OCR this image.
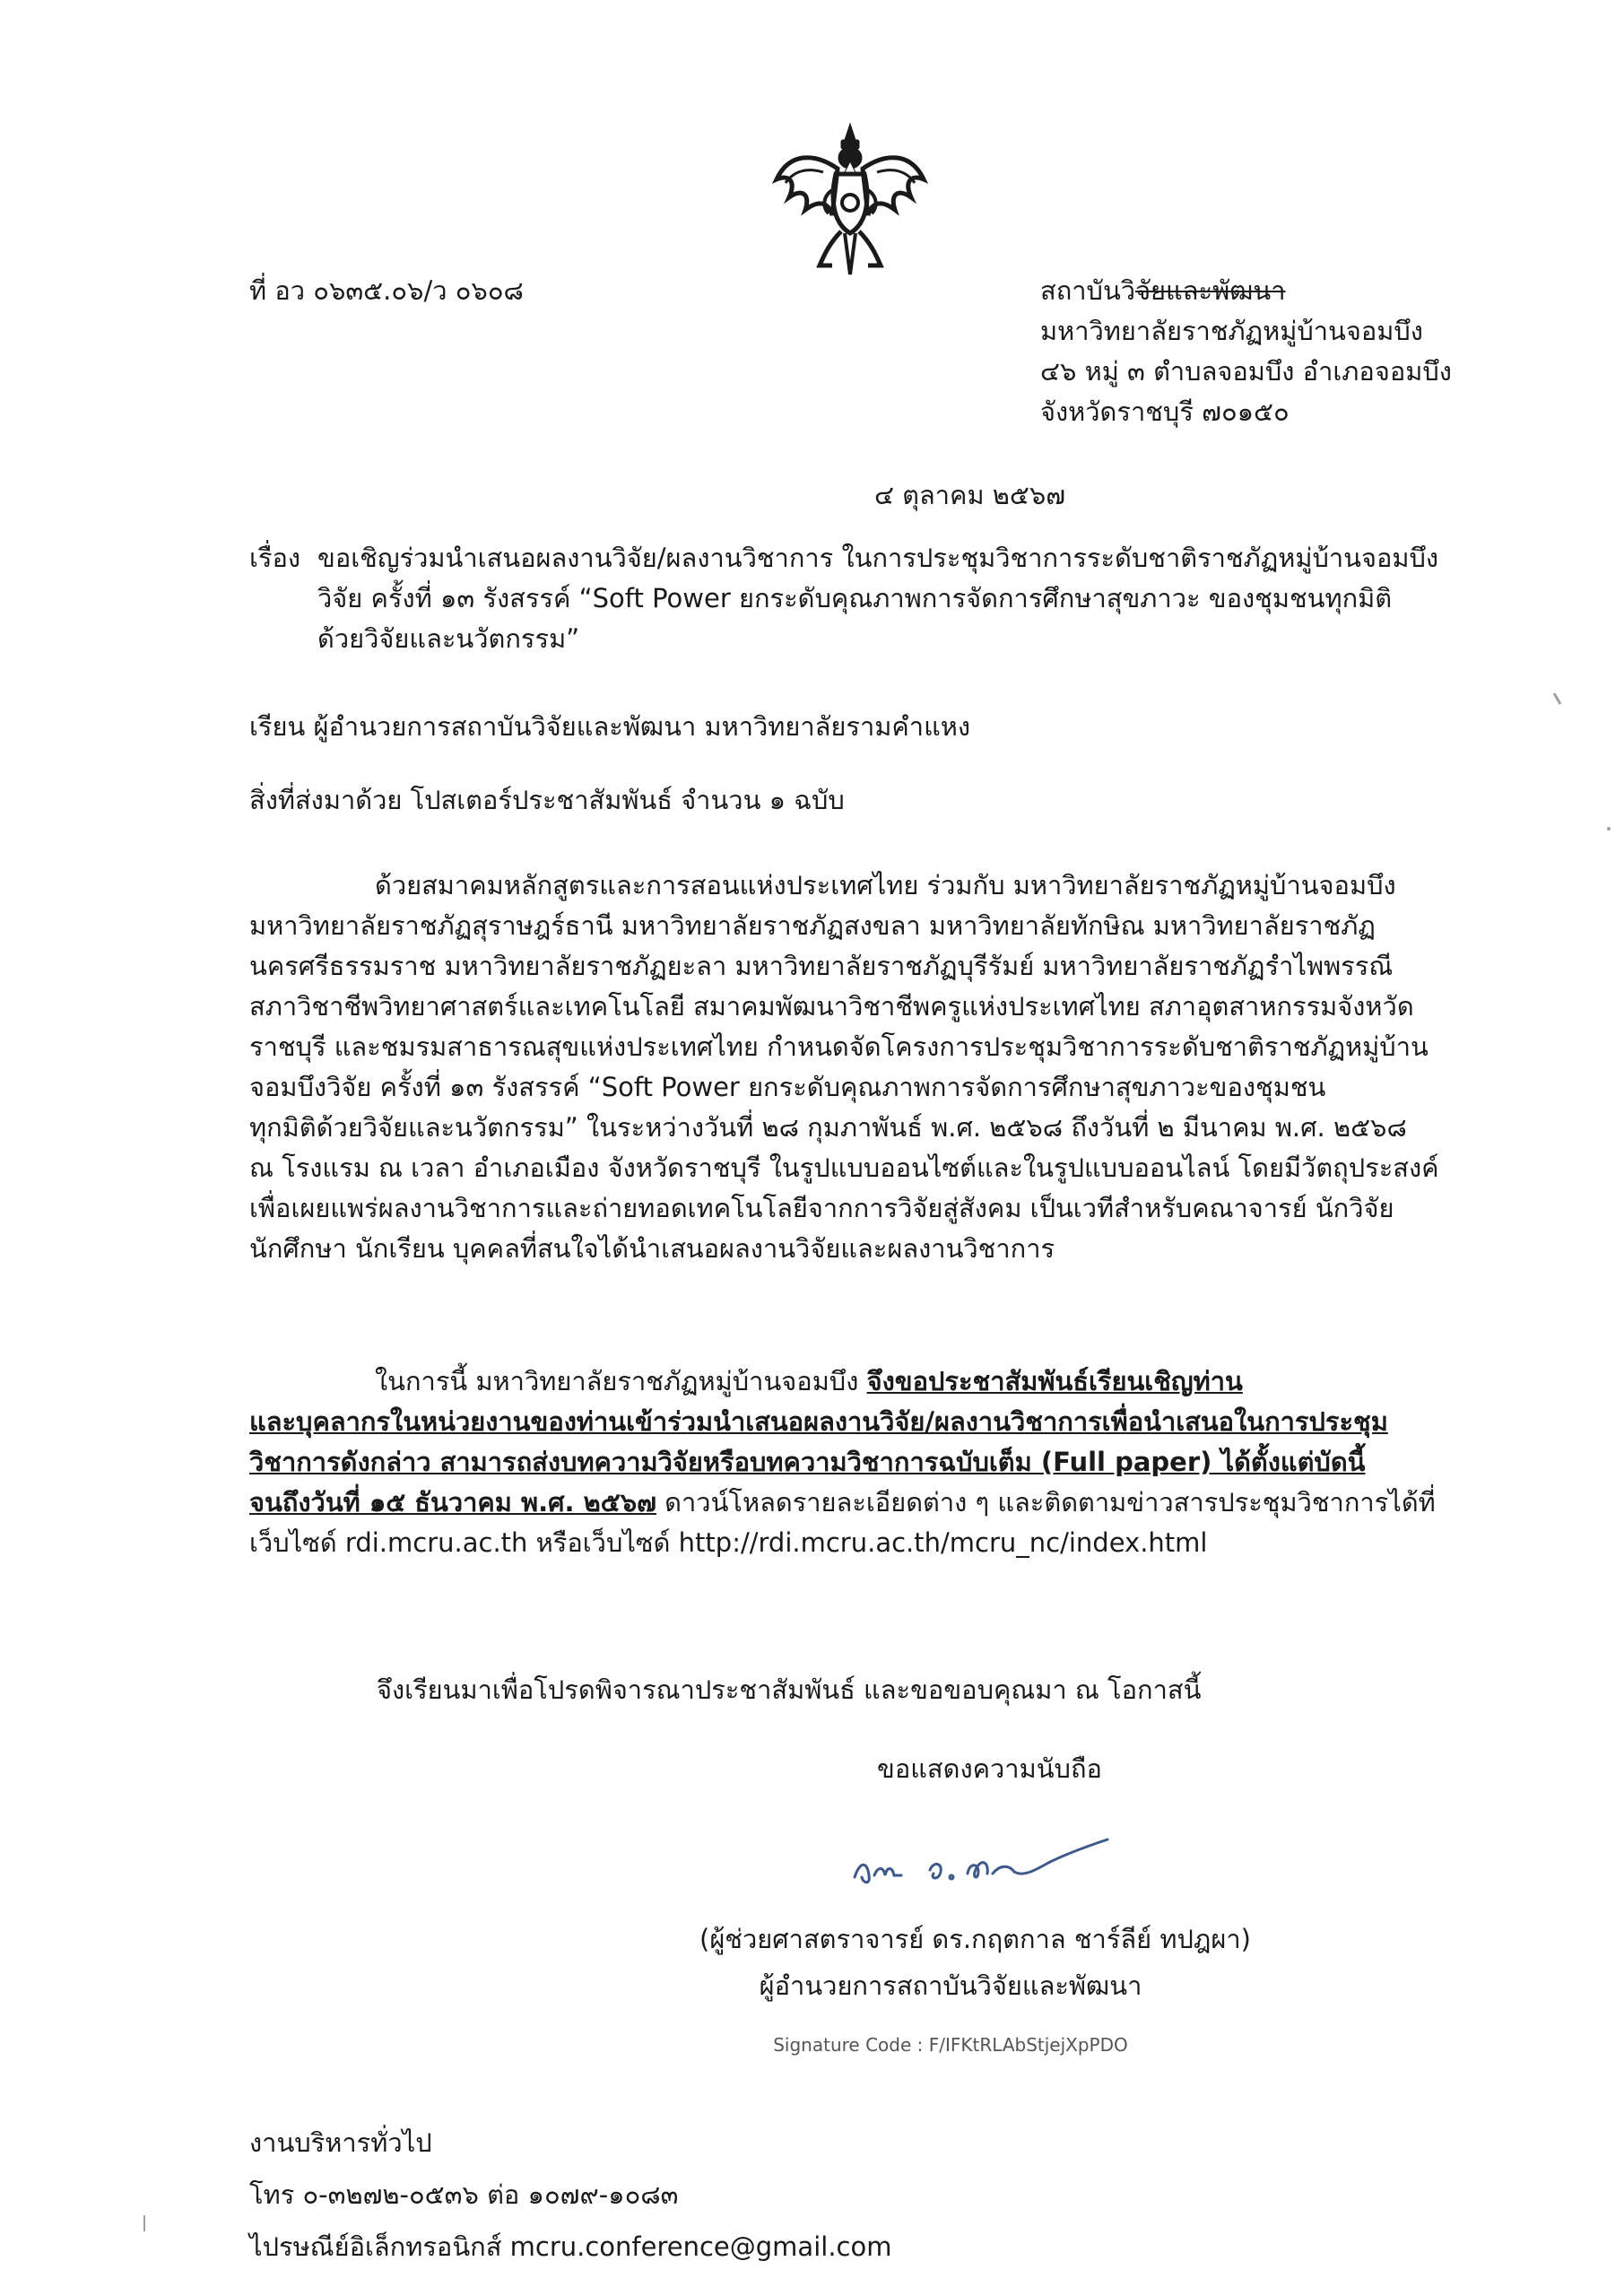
ที่ อว ๐๖๓๕.๐๖/ว ๐๖๐๘	สถาบันวิจัยและพัฒนา
มหาวิทยาลัยราชภัฏหมู่บ้านจอมบึง
๔๖ หมู่ ๓ ตำบลจอมบึง อำเภอจอมบึง
จังหวัดราชบุรี ๗๐๑๕๐
๔ ตุลาคม ๒๕๖๗
เรื่อง ขอเชิญร่วมนำเสนอผลงานวิจัย/ผลงานวิชาการ ในการประชุมวิชาการระดับชาติราชภัฏหมู่บ้านจอมบึง
วิจัย ครั้งที่ ๑๓ รังสรรค์ “Soft Power ยกระดับคุณภาพการจัดการศึกษาสุขภาวะ ของชุมชนทุกมิติ
ด้วยวิจัยและนวัตกรรม”
เรียน ผู้อำนวยการสถาบันวิจัยและพัฒนา มหาวิทยาลัยรามคำแหง
สิ่งที่ส่งมาด้วย โปสเตอร์ประชาสัมพันธ์ จำนวน ๑ ฉบับ
ด้วยสมาคมหลักสูตรและการสอนแห่งประเทศไทย ร่วมกับ มหาวิทยาลัยราชภัฏหมู่บ้านจอมบึง
มหาวิทยาลัยราชภัฏสุราษฎร์ธานี มหาวิทยาลัยราชภัฏสงขลา มหาวิทยาลัยทักษิณ มหาวิทยาลัยราชภัฏ
นครศรีธรรมราช มหาวิทยาลัยราชภัฏยะลา มหาวิทยาลัยราชภัฏบุรีรัมย์ มหาวิทยาลัยราชภัฏรำไพพรรณี
สภาวิชาชีพวิทยาศาสตร์และเทคโนโลยี สมาคมพัฒนาวิชาชีพครูแห่งประเทศไทย สภาอุตสาหกรรมจังหวัด
ราชบุรี และชมรมสาธารณสุขแห่งประเทศไทย กำหนดจัดโครงการประชุมวิชาการระดับชาติราชภัฏหมู่บ้าน
จอมบึงวิจัย ครั้งที่ ๑๓ รังสรรค์ “Soft Power ยกระดับคุณภาพการจัดการศึกษาสุขภาวะของชุมชน
ทุกมิติด้วยวิจัยและนวัตกรรม” ในระหว่างวันที่ ๒๘ กุมภาพันธ์ พ.ศ. ๒๕๖๘ ถึงวันที่ ๒ มีนาคม พ.ศ. ๒๕๖๘
ณ โรงแรม ณ เวลา อำเภอเมือง จังหวัดราชบุรี ในรูปแบบออนไซต์และในรูปแบบออนไลน์ โดยมีวัตถุประสงค์
เพื่อเผยแพร่ผลงานวิชาการและถ่ายทอดเทคโนโลยีจากการวิจัยสู่สังคม เป็นเวทีสำหรับคณาจารย์ นักวิจัย
นักศึกษา นักเรียน บุคคลที่สนใจได้นำเสนอผลงานวิจัยและผลงานวิชาการ
ในการนี้ มหาวิทยาลัยราชภัฏหมู่บ้านจอมบึง จึงขอประชาสัมพันธ์เรียนเชิญท่าน
และบุคลากรในหน่วยงานของท่านเข้าร่วมนำเสนอผลงานวิจัย/ผลงานวิชาการเพื่อนำเสนอในการประชุม
วิชาการดังกล่าว สามารถส่งบทความวิจัยหรือบทความวิชาการฉบับเต็ม (Full paper) ได้ตั้งแต่บัดนี้
จนถึงวันที่ ๑๕ ธันวาคม พ.ศ. ๒๕๖๗ ดาวน์โหลดรายละเอียดต่าง ๆ และติดตามข่าวสารประชุมวิชาการได้ที่
เว็บไซด์ rdi.mcru.ac.th หรือเว็บไซด์ http://rdi.mcru.ac.th/mcru_nc/index.html
จึงเรียนมาเพื่อโปรดพิจารณาประชาสัมพันธ์ และขอขอบคุณมา ณ โอกาสนี้
ขอแสดงความนับถือ
(ผู้ช่วยศาสตราจารย์ ดร.กฤตกาล ชาร์ลีย์ ทปฎผา)
ผู้อำนวยการสถาบันวิจัยและพัฒนา
Signature Code : F/IFKtRLAbStjejXpPDO
งานบริหารทั่วไป
โทร ๐-๓๒๗๒-๐๕๓๖ ต่อ ๑๐๗๙-๑๐๘๓
ไปรษณีย์อิเล็กทรอนิกส์ mcru.conference@gmail.com
